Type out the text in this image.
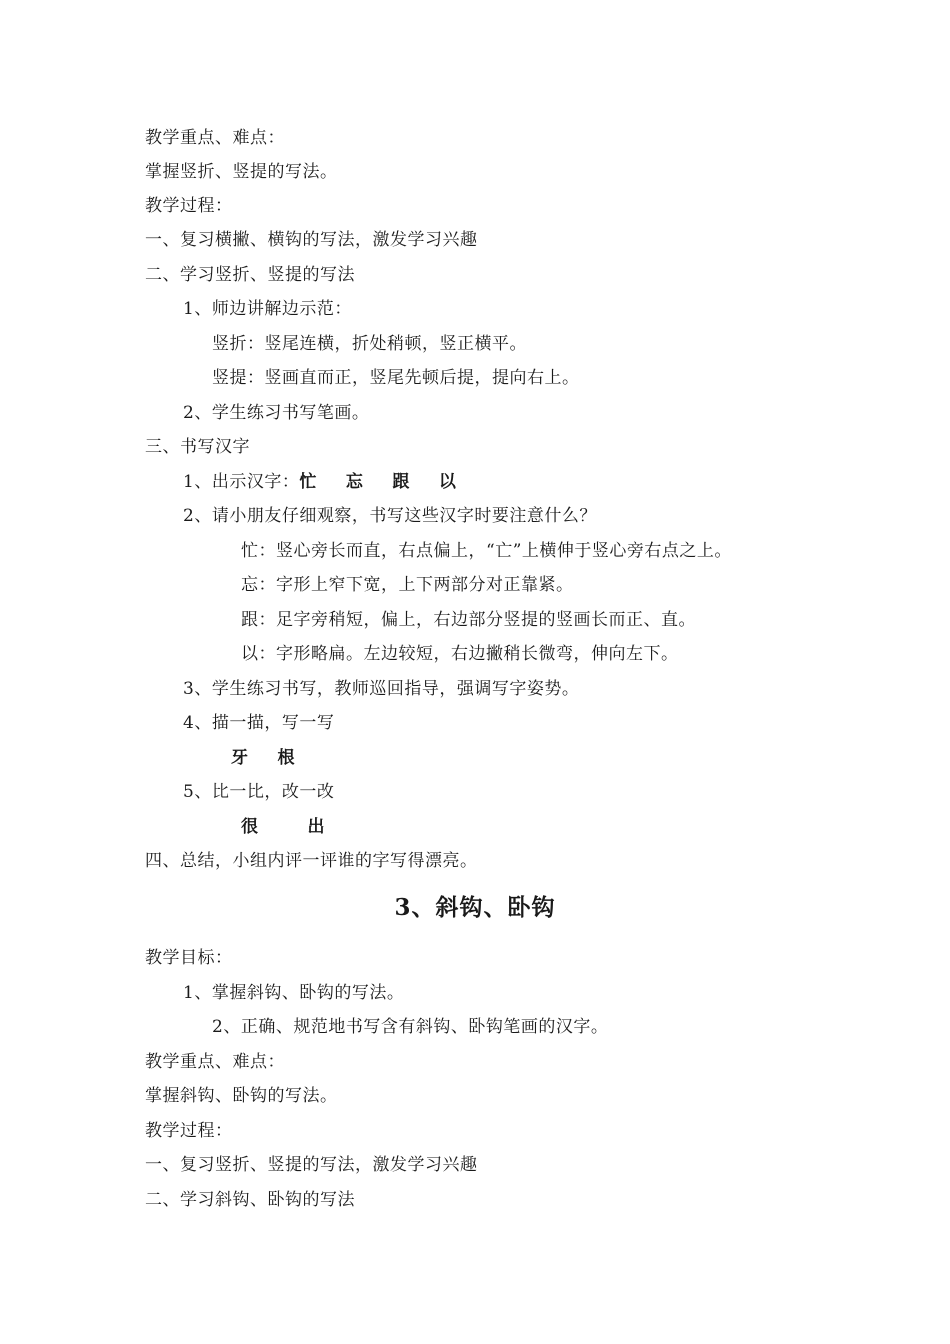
教学重点、难点：
掌握竖折、竖提的写法。
教学过程：
一、复习横撇、横钩的写法，激发学习兴趣
二、学习竖折、竖提的写法
1、师边讲解边示范：
竖折：竖尾连横，折处稍顿，竖正横平。
竖提：竖画直而正，竖尾先顿后提，提向右上。
2、学生练习书写笔画。
三、书写汉字
1、出示汉字：忙 忘 跟 以
2、请小朋友仔细观察，书写这些汉字时要注意什么？
忙：竖心旁长而直，右点偏上，“亡”上横伸于竖心旁右点之上。
忘：字形上窄下宽，上下两部分对正靠紧。
跟：足字旁稍短，偏上，右边部分竖提的竖画长而正、直。
以：字形略扁。左边较短，右边撇稍长微弯，伸向左下。
3、学生练习书写，教师巡回指导，强调写字姿势。
4、描一描，写一写
牙 根
5、比一比，改一改
很	出
四、总结，小组内评一评谁的字写得漂亮。
3、斜钩、卧钩
教学目标：
1、掌握斜钩、卧钩的写法。
2、正确、规范地书写含有斜钩、卧钩笔画的汉字。
教学重点、难点：
掌握斜钩、卧钩的写法。
教学过程：
一、复习竖折、竖提的写法，激发学习兴趣
二、学习斜钩、卧钩的写法
